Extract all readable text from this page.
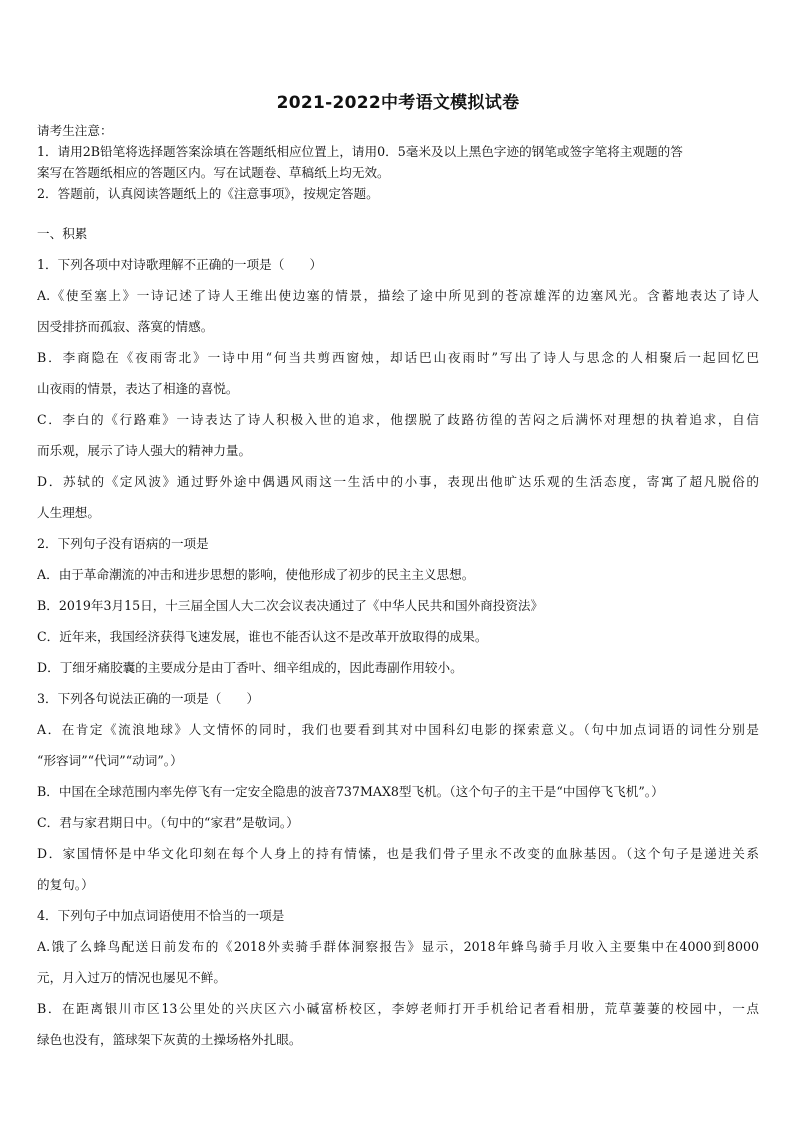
2021-2022中考语文模拟试卷
请考生注意：
1．请用2B铅笔将选择题答案涂填在答题纸相应位置上，请用0．5毫米及以上黑色字迹的钢笔或签字笔将主观题的答
案写在答题纸相应的答题区内。写在试题卷、草稿纸上均无效。
2．答题前，认真阅读答题纸上的《注意事项》，按规定答题。
一、积累
1．下列各项中对诗歌理解不正确的一项是（　　）
A.《使至塞上》一诗记述了诗人王维出使边塞的情景，描绘了途中所见到的苍凉雄浑的边塞风光。含蓄地表达了诗人
因受排挤而孤寂、落寞的情感。
B．李商隐在《夜雨寄北》一诗中用“何当共剪西窗烛，却话巴山夜雨时”写出了诗人与思念的人相聚后一起回忆巴
山夜雨的情景，表达了相逢的喜悦。
C．李白的《行路难》一诗表达了诗人积极入世的追求，他摆脱了歧路彷徨的苦闷之后满怀对理想的执着追求，自信
而乐观，展示了诗人强大的精神力量。
D．苏轼的《定风波》通过野外途中偶遇风雨这一生活中的小事，表现出他旷达乐观的生活态度，寄寓了超凡脱俗的
人生理想。
2．下列句子没有语病的一项是
A．由于革命潮流的冲击和进步思想的影响，使他形成了初步的民主主义思想。
B．2019年3月15日，十三届全国人大二次会议表决通过了《中华人民共和国外商投资法》
C．近年来，我国经济获得飞速发展，谁也不能否认这不是改革开放取得的成果。
D．丁细牙痛胶囊的主要成分是由丁香叶、细辛组成的，因此毒副作用较小。
3．下列各句说法正确的一项是（　　）
A．在肯定《流浪地球》人文情怀的同时，我们也要看到其对中国科幻电影的探索意义。（句中加点词语的词性分别是
“形容词”“代词”“动词”。）
B．中国在全球范围内率先停飞有一定安全隐患的波音737MAX8型飞机。（这个句子的主干是“中国停飞飞机”。）
C．君与家君期日中。（句中的“家君”是敬词。）
D．家国情怀是中华文化印刻在每个人身上的持有情愫，也是我们骨子里永不改变的血脉基因。（这个句子是递进关系
的复句。）
4．下列句子中加点词语使用不恰当的一项是
A.饿了么蜂鸟配送日前发布的《2018外卖骑手群体洞察报告》显示，2018年蜂鸟骑手月收入主要集中在4000到8000
元，月入过万的情况也屡见不鲜。
B．在距离银川市区13公里处的兴庆区六小碱富桥校区，李婷老师打开手机给记者看相册，荒草萋萋的校园中，一点
绿色也没有，篮球架下灰黄的土操场格外扎眼。
